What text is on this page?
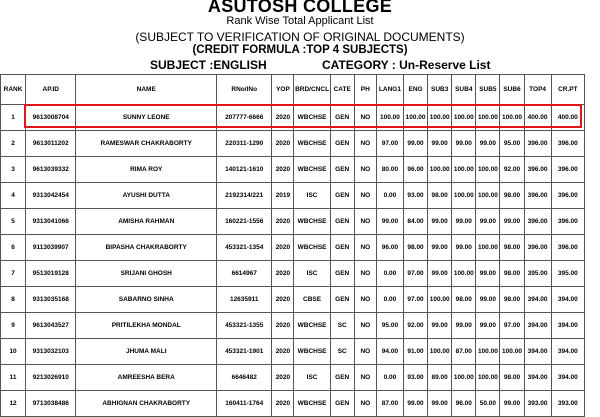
ASUTOSH COLLEGE
Rank Wise Total Applicant List
(SUBJECT TO VERIFICATION OF ORIGINAL DOCUMENTS)
(CREDIT FORMULA :TOP 4 SUBJECTS)
SUBJECT :ENGLISH	CATEGORY : Un-Reserve List
RANK	AP.ID	NAME	RNo/lNo	YOP	BRD/CNCL	CATE	PH	LANG1	ENG	SUB3	SUB4	SUB5	SUB6	TOP4	CR.PT
1	9613008704	SUNNY LEONE	207777-6666	2020	WBCHSE	GEN	NO	100.00	100.00	100.00	100.00	100.00	100.00	400.00	400.00
2	9613011202	RAMESWAR CHAKRABORTY	220311-1290	2020	WBCHSE	GEN	NO	97.00	99.00	99.00	99.00	99.00	95.00	396.00	396.00
3	9613039332	RIMA ROY	140121-1610	2020	WBCHSE	GEN	NO	80.00	96.00	100.00	100.00	100.00	92.00	396.00	396.00
4	9313042454	AYUSHI DUTTA	2192314/221	2019	ISC	GEN	NO	0.00	93.00	98.00	100.00	100.00	98.00	396.00	396.00
5	9313041066	AMISHA RAHMAN	160221-1556	2020	WBCHSE	GEN	NO	99.00	84.00	99.00	99.00	99.00	99.00	396.00	396.00
6	9113039907	BIPASHA CHAKRABORTY	453321-1354	2020	WBCHSE	GEN	NO	96.00	98.00	99.00	99.00	100.00	98.00	396.00	396.00
7	9513019128	SRIJANI GHOSH	6614967	2020	ISC	GEN	NO	0.00	97.00	99.00	100.00	99.00	98.00	395.00	395.00
8	9313035168	SABARNO SINHA	12635911	2020	CBSE	GEN	NO	0.00	97.00	100.00	98.00	99.00	98.00	394.00	394.00
9	9613043527	PRITILEKHA MONDAL	453321-1355	2020	WBCHSE	SC	NO	95.00	92.00	99.00	99.00	99.00	97.00	394.00	394.00
10	9313032103	JHUMA MALI	453321-1901	2020	WBCHSE	SC	NO	94.00	91.00	100.00	87.00	100.00	100.00	394.00	394.00
11	9213026910	AMREESHA BERA	6646482	2020	ISC	GEN	NO	0.00	93.00	89.00	100.00	100.00	98.00	394.00	394.00
12	9713038486	ABHIGNAN CHAKRABORTY	160411-1764	2020	WBCHSE	GEN	NO	87.00	99.00	99.00	96.00	50.00	99.00	393.00	393.00
